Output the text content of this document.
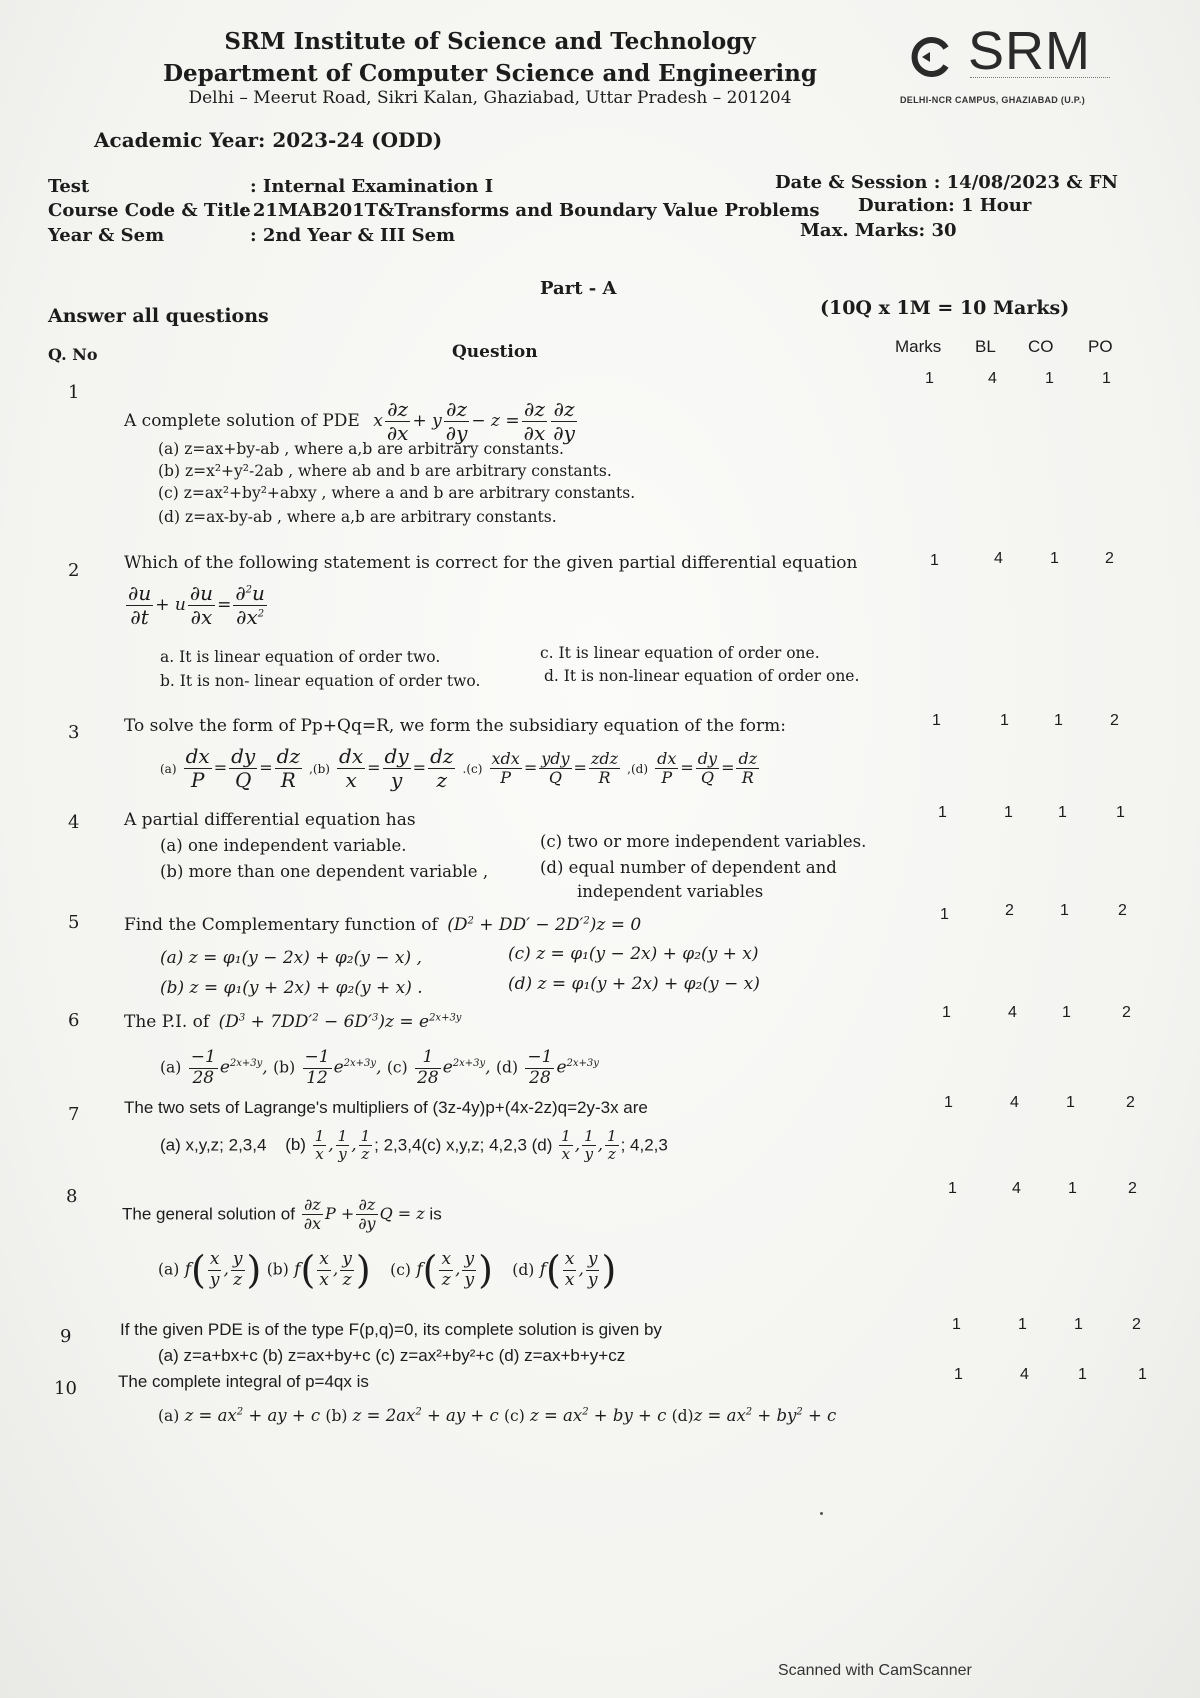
SRM Institute of Science and Technology
Department of Computer Science and Engineering
Delhi – Meerut Road, Sikri Kalan, Ghaziabad, Uttar Pradesh – 201204
SRM
DELHI-NCR CAMPUS, GHAZIABAD (U.P.)
Academic Year: 2023-24 (ODD)
Test	: Internal Examination I
Course Code & Title
: 21MAB201T&Transforms and Boundary Value Problems
Year & Sem	: 2nd Year & III Sem
Date & Session : 14/08/2023 & FN
Duration: 1 Hour
Max. Marks: 30
Part - A
Answer all questions	(10Q x 1M = 10 Marks)
Q. No	Question	Marks BL CO PO
1
A complete solution of PDE x $\frac{\partial z}{\partial x} + y \frac{\partial z}{\partial y} - z = \frac{\partial z}{\partial x} \frac{\partial z}{\partial y}$
(a) z=ax+by-ab , where a,b are arbitrary constants.
(b) z=x²+y²-2ab , where ab and b are arbitrary constants.
(c) z=ax²+by²+abxy , where a and b are arbitrary constants.
(d) z=ax-by-ab , where a,b are arbitrary constants.
1	4	1	1
2	Which of the following statement is correct for the given partial differential equation
$\frac{\partial u}{\partial t} + u \frac{\partial u}{\partial x} = \frac{\partial^2u}{\partial x^2}$
a. It is linear equation of order two.
b. It is non- linear equation of order two.
c. It is linear equation of order one.
d. It is non-linear equation of order one.
1	4	1	2
3	To solve the form of Pp+Qq=R, we form the subsidiary equation of the form:
$(a) \frac{dx}{P} = \frac{dy}{Q} = \frac{dz}{R} ,(b) \frac{dx}{x} = \frac{dy}{y} = \frac{dz}{z} .(c) \frac{\text{xdx}}{P} = \frac{\text{ydy}}{Q} = \frac{\text{zdz}}{R} ,(d) \frac{dx}{P} = \frac{dy}{Q} = \frac{dz}{R}$
1	1	1	2
4	A partial differential equation has
(a) one independent variable.
(b) more than one dependent variable ,
(c) two or more independent variables.
(d) equal number of dependent and
independent variables
1	1	1	1
5	Find the Complementary function of $(D^2 + DD' - 2D'^2)z = 0$
(a) z = φ₁(y − 2x) + φ₂(y − x) ,
(b) z = φ₁(y + 2x) + φ₂(y + x) .
(c) z = φ₁(y − 2x) + φ₂(y + x)
(d) z = φ₁(y + 2x) + φ₂(y − x)
1	2	1	2
6	The P.I. of $(D^3 + 7DD'^2 - 6D'^3)z = e^{2x+3y}$
$(a) \frac{-1}{28} e^{2x+3y}$, $(b) \frac{-1}{12} e^{2x+3y}$, $(c) \frac{1}{28} e^{2x+3y}$, $(d) \frac{-1}{28} e^{2x+3y}$
1	4	1	2
7	The two sets of Lagrange's multipliers of (3z-4y)p+(4x-2z)q=2y-3x are
(a) x,y,z; 2,3,4 $(b) \frac{1}{x}$ , $\frac{1}{y}$ , $\frac{1}{z}$ ; 2,3,4(c) x,y,z; 4,2,3 $(d) \frac{1}{x}$ , $\frac{1}{y}$ , $\frac{1}{z}$ ; 4,2,3
1	4	1	2
8
The general solution of $\frac{\partial z}{\partial x}$ $P + \frac{\partial z}{\partial y}$ Q = z is
(a) $f( \frac{x}{y}$ , $\frac{y}{z}$ ) (b) $f( \frac{x}{x}$ , $\frac{y}{z}$ ) (c) $f( \frac{x}{z}$ , $\frac{y}{y}$ ) (d) $f( \frac{x}{x}$ , $\frac{y}{y}$ )
1	4	1	2
9	If the given PDE is of the type F(p,q)=0, its complete solution is given by
(a) z=a+bx+c (b) z=ax+by+c (c) z=ax²+by²+c (d) z=ax+b+y+cz
1	1	1	2
10 The complete integral of p=4qx is
(a) $z = ax^2$ + ay + c (b) $z = 2ax^2$ + ay + c (c) $z = ax^2$ + by + c $(d)z = ax^2 + by^2 + c$
1	4	1	1
Scanned with CamScanner
